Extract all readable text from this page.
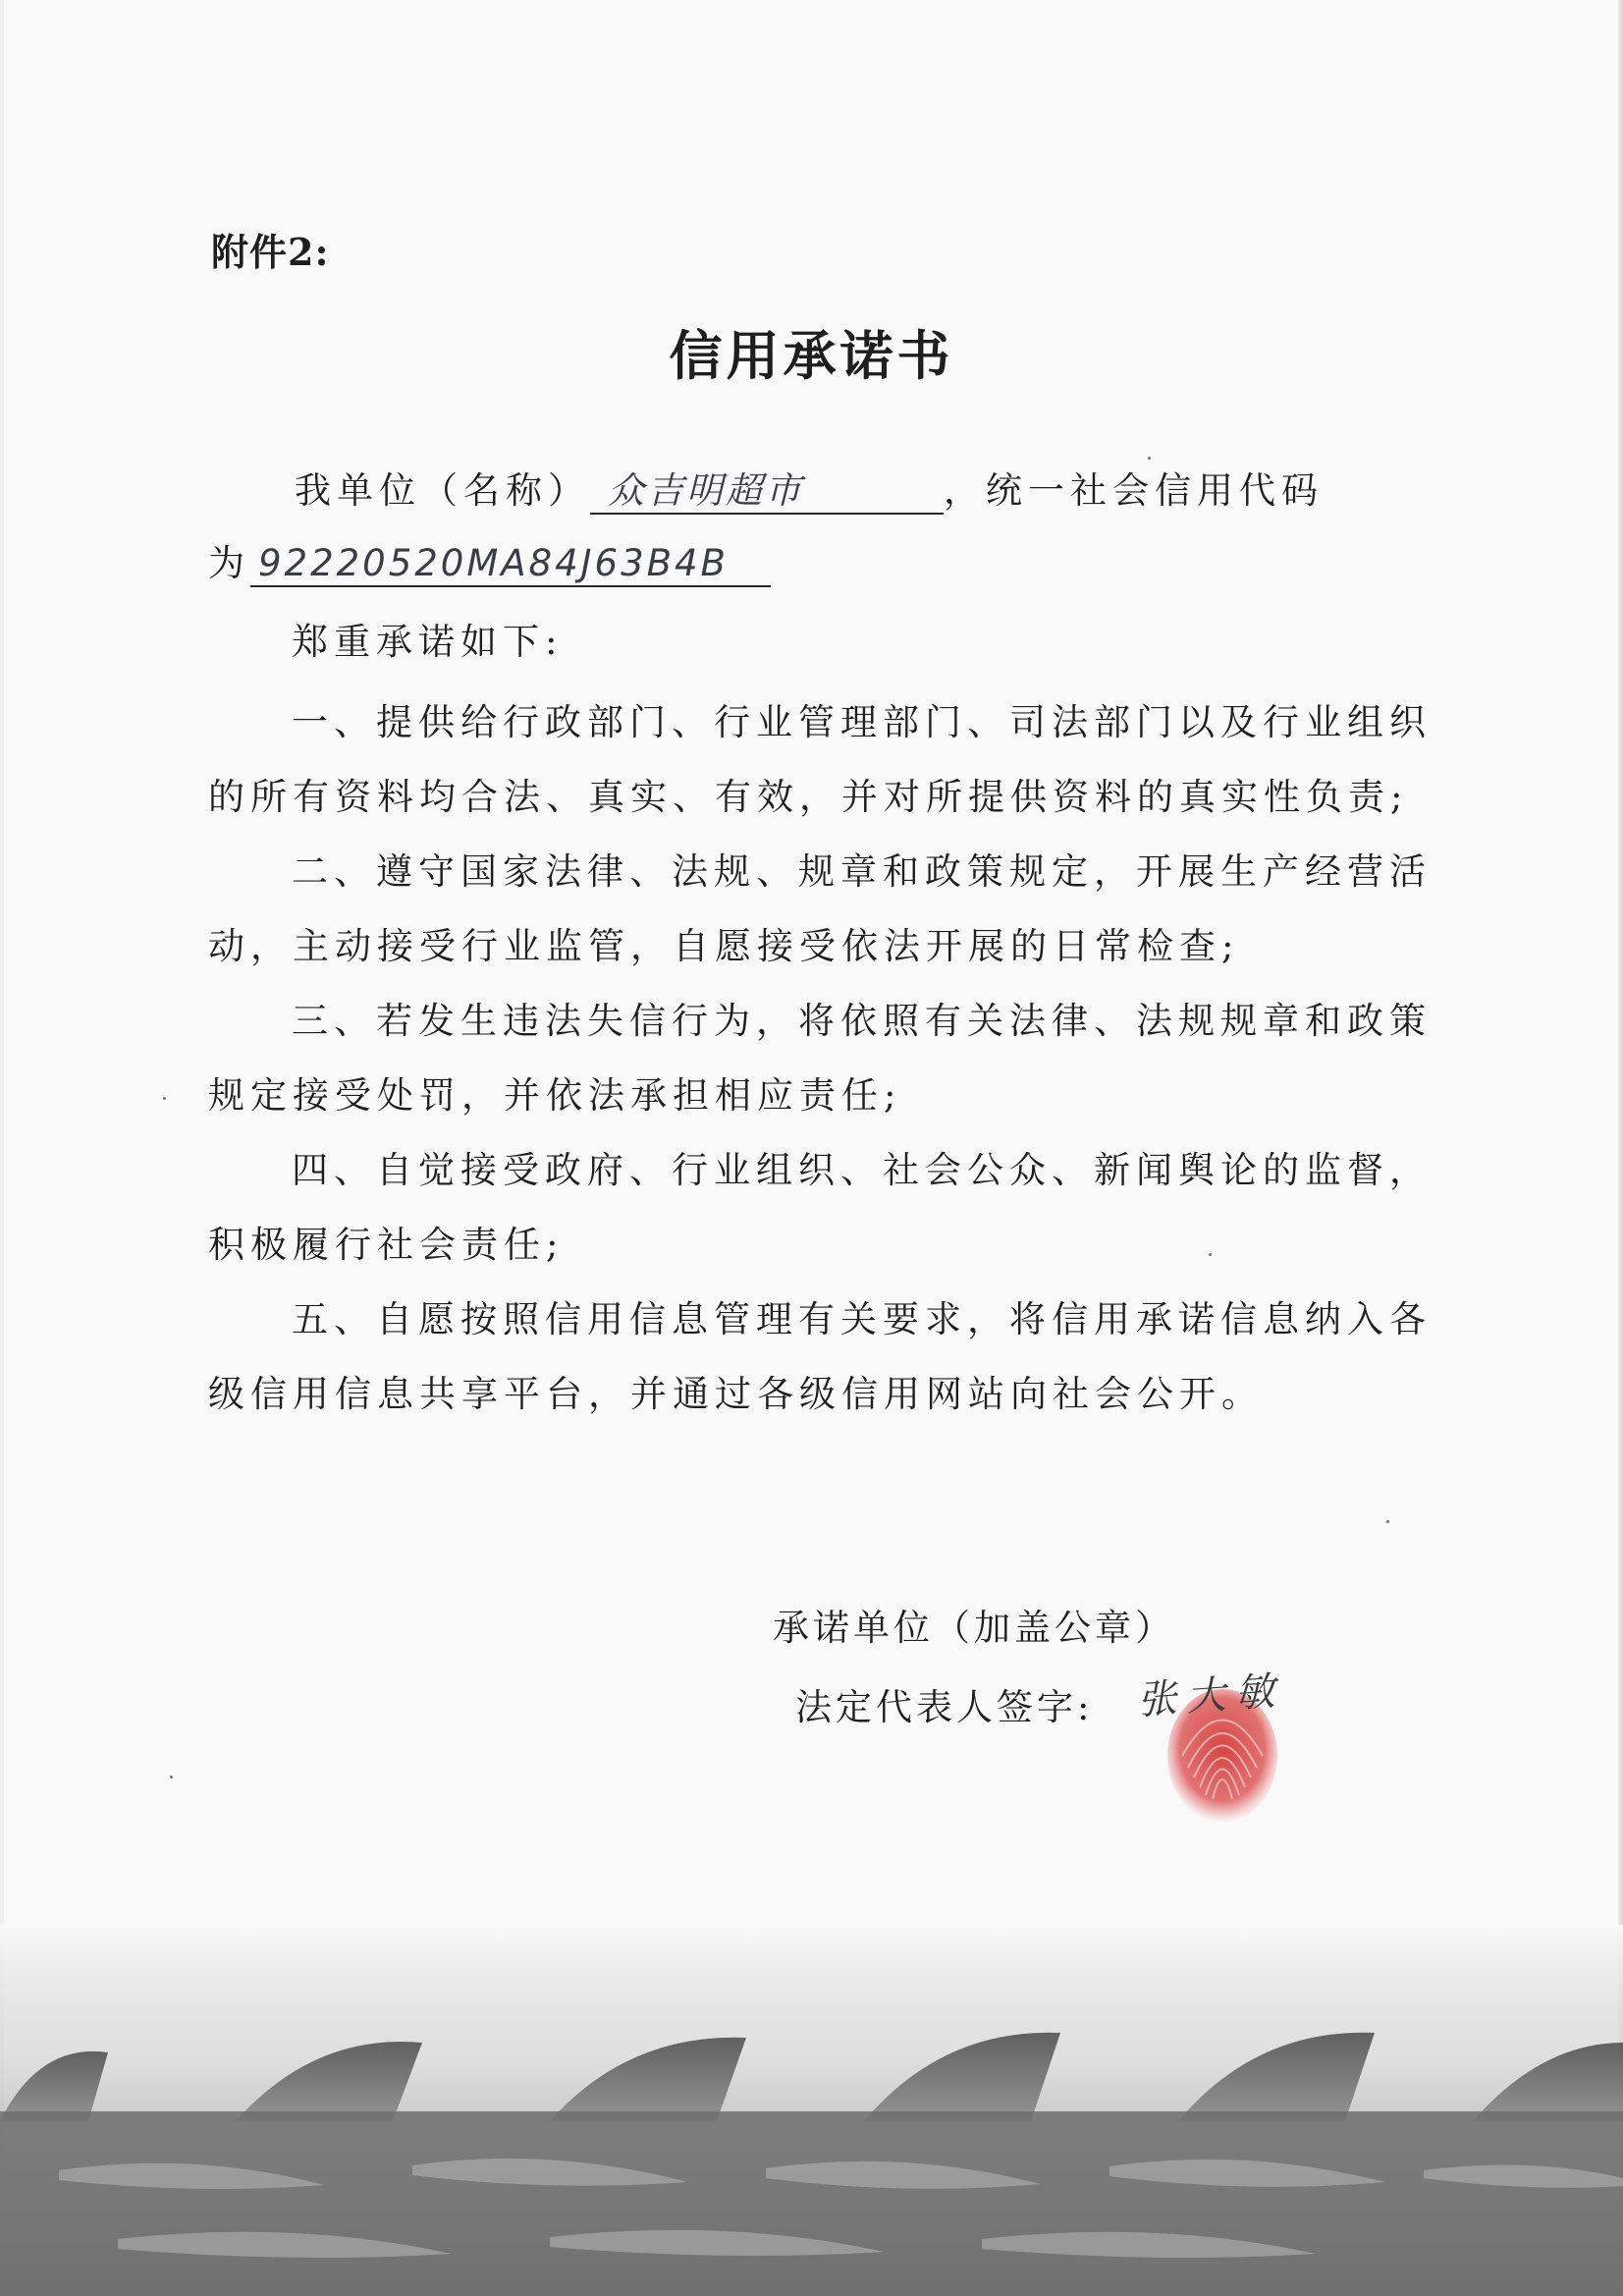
附件2:
信用承诺书
我单位（名称） 众吉明超市	，统一社会信用代码
为 92220520MA84J63B4B
郑重承诺如下:
一、提供给行政部门、行业管理部门、司法部门以及行业组织
的所有资料均合法、真实、有效，并对所提供资料的真实性负责;
二、遵守国家法律、法规、规章和政策规定，开展生产经营活
动，主动接受行业监管，自愿接受依法开展的日常检查;
三、若发生违法失信行为，将依照有关法律、法规规章和政策
规定接受处罚，并依法承担相应责任;
四、自觉接受政府、行业组织、社会公众、新闻舆论的监督，
积极履行社会责任;
五、自愿按照信用信息管理有关要求，将信用承诺信息纳入各
级信用信息共享平台，并通过各级信用网站向社会公开。
承诺单位（加盖公章）
法定代表人签字: 张大敏
